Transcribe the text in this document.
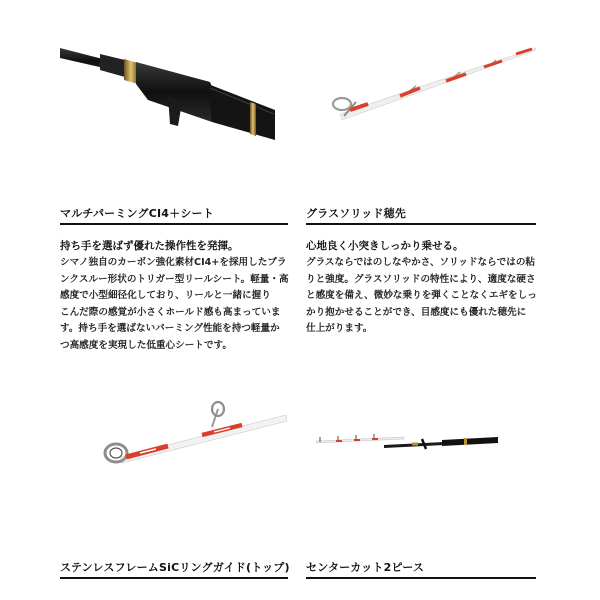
マルチパーミングCI4＋シート
持ち手を選ばず優れた操作性を発揮。
シマノ独自のカーボン強化素材CI4+を採用したブラ
ンクスルー形状のトリガー型リールシート。軽量・高
感度で小型細径化しており、リールと一緒に握り
こんだ際の感覚が小さくホールド感も高まっていま
す。持ち手を選ばないパーミング性能を持つ軽量か
つ高感度を実現した低重心シートです。
グラスソリッド穂先
心地良く小突きしっかり乗せる。
グラスならではのしなやかさ、ソリッドならではの粘
りと強度。グラスソリッドの特性により、適度な硬さ
と感度を備え、微妙な乗りを弾くことなくエギをしっ
かり抱かせることができ、目感度にも優れた穂先に
仕上がります。
ステンレスフレームSiCリングガイド(トップ) センターカット2ピース
